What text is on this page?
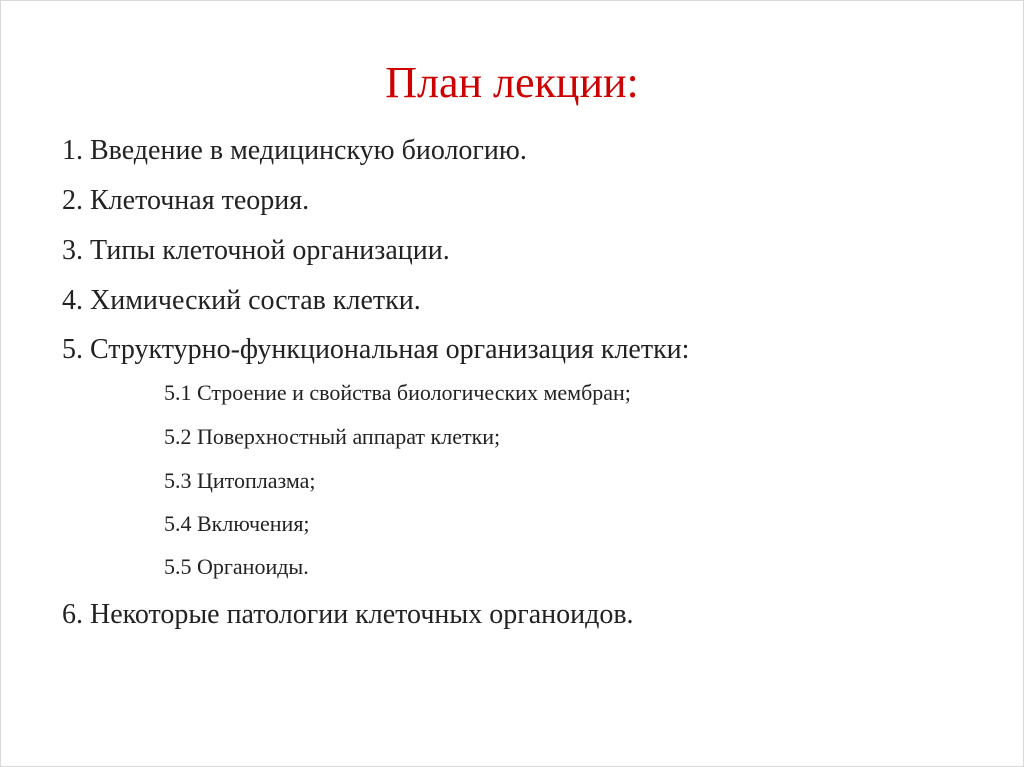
План лекции:
1. Введение в медицинскую биологию.
2. Клеточная теория.
3. Типы клеточной организации.
4. Химический состав клетки.
5. Структурно-функциональная организация клетки:
5.1 Строение и свойства биологических мембран;
5.2 Поверхностный аппарат клетки;
5.3 Цитоплазма;
5.4 Включения;
5.5 Органоиды.
6. Некоторые патологии клеточных органоидов.
